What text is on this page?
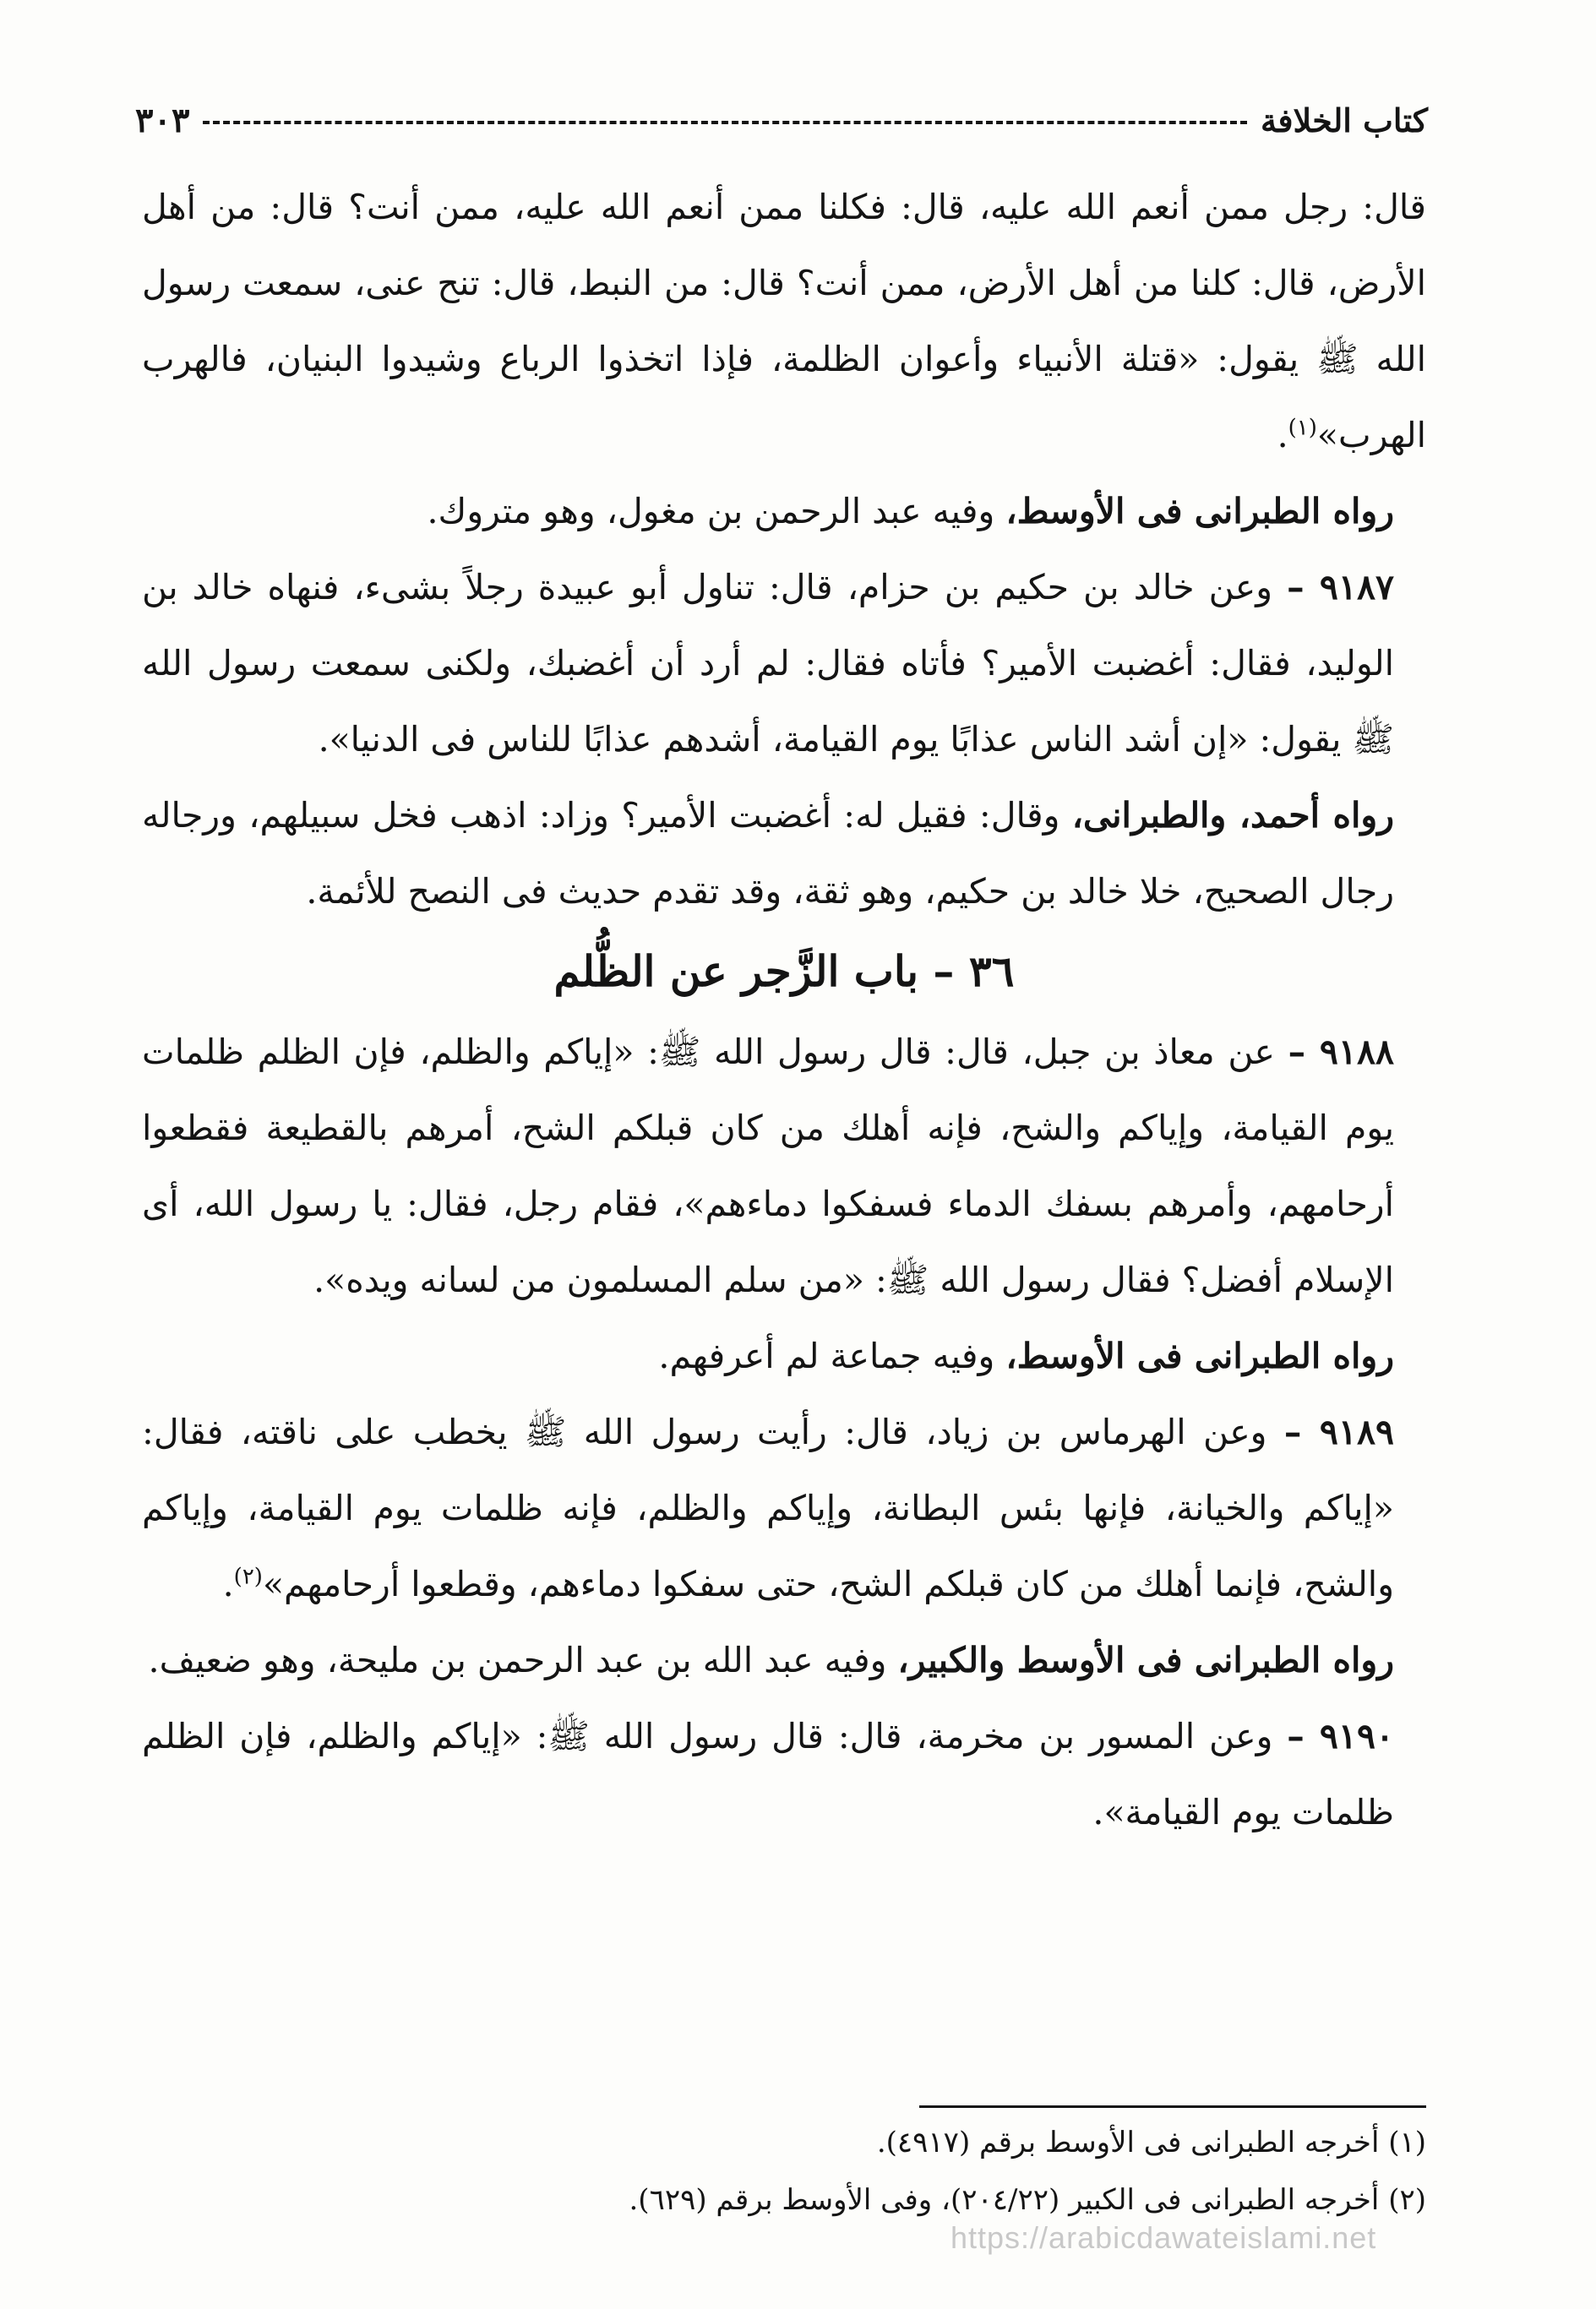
كتاب الخلافة
٣٠٣

قال: رجل ممن أنعم الله عليه، قال: فكلنا ممن أنعم الله عليه، ممن أنت؟ قال: من أهل الأرض، قال: كلنا من أهل الأرض، ممن أنت؟ قال: من النبط، قال: تنح عنى، سمعت رسول الله ﷺ يقول: «قتلة الأنبياء وأعوان الظلمة، فإذا اتخذوا الرباع وشيدوا البنيان، فالهرب الهرب»$^{(١)}$.

رواه الطبرانى فى الأوسط، وفيه عبد الرحمن بن مغول، وهو متروك.

٩١٨٧ – وعن خالد بن حكيم بن حزام، قال: تناول أبو عبيدة رجلاً بشىء، فنهاه خالد بن الوليد، فقال: أغضبت الأمير؟ فأتاه فقال: لم أرد أن أغضبك، ولكنى سمعت رسول الله ﷺ يقول: «إن أشد الناس عذابًا يوم القيامة، أشدهم عذابًا للناس فى الدنيا».

رواه أحمد، والطبرانى، وقال: فقيل له: أغضبت الأمير؟ وزاد: اذهب فخل سبيلهم، ورجاله رجال الصحيح، خلا خالد بن حكيم، وهو ثقة، وقد تقدم حديث فى النصح للأئمة.

٣٦ – باب الزَّجر عن الظُّلم

٩١٨٨ – عن معاذ بن جبل، قال: قال رسول الله ﷺ: «إياكم والظلم، فإن الظلم ظلمات يوم القيامة، وإياكم والشح، فإنه أهلك من كان قبلكم الشح، أمرهم بالقطيعة فقطعوا أرحامهم، وأمرهم بسفك الدماء فسفكوا دماءهم»، فقام رجل، فقال: يا رسول الله، أى الإسلام أفضل؟ فقال رسول الله ﷺ: «من سلم المسلمون من لسانه ويده».

رواه الطبرانى فى الأوسط، وفيه جماعة لم أعرفهم.

٩١٨٩ – وعن الهرماس بن زياد، قال: رأيت رسول الله ﷺ يخطب على ناقته، فقال: «إياكم والخيانة، فإنها بئس البطانة، وإياكم والظلم، فإنه ظلمات يوم القيامة، وإياكم والشح، فإنما أهلك من كان قبلكم الشح، حتى سفكوا دماءهم، وقطعوا أرحامهم»$^{(٢)}$.

رواه الطبرانى فى الأوسط والكبير، وفيه عبد الله بن عبد الرحمن بن مليحة، وهو ضعيف.

٩١٩٠ – وعن المسور بن مخرمة، قال: قال رسول الله ﷺ: «إياكم والظلم، فإن الظلم ظلمات يوم القيامة».

(١) أخرجه الطبرانى فى الأوسط برقم (٤٩١٧).
(٢) أخرجه الطبرانى فى الكبير (٢٠٤/٢٢)، وفى الأوسط برقم (٦٢٩).
https://arabicdawateislami.net
